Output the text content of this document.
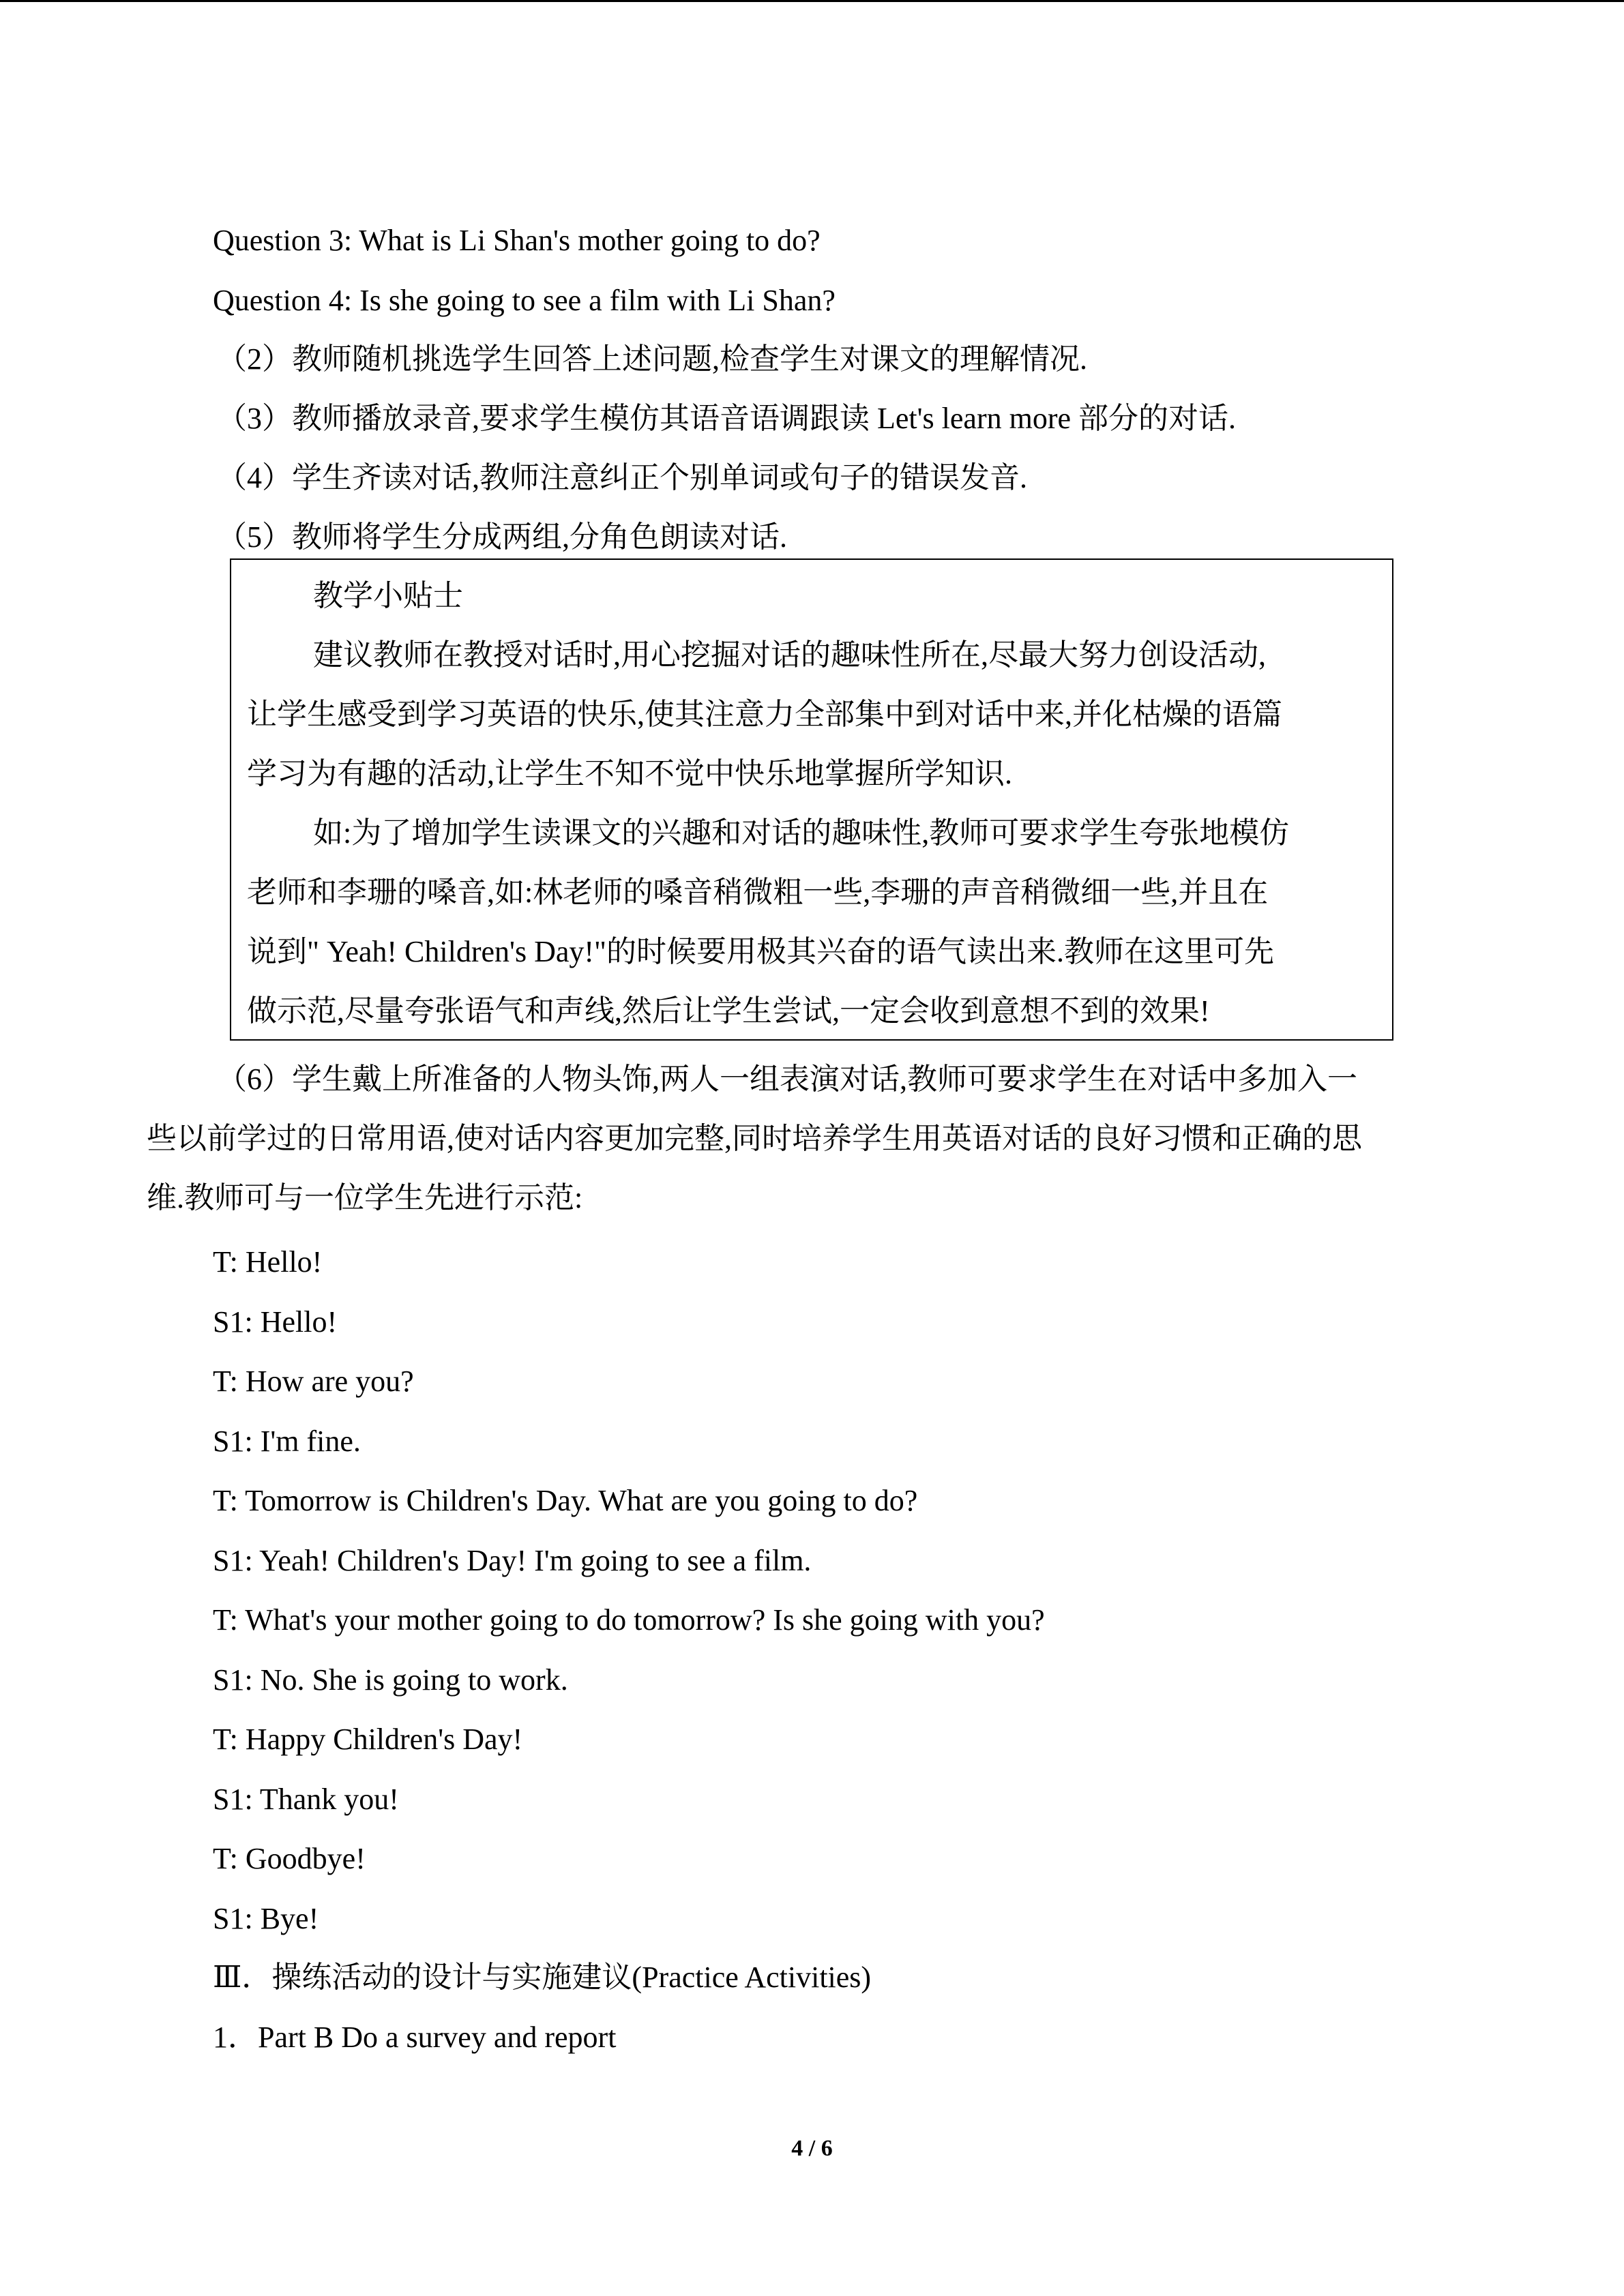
Question 3: What is Li Shan's mother going to do?
Question 4: Is she going to see a film with Li Shan?
（2）教师随机挑选学生回答上述问题,检查学生对课文的理解情况.
（3）教师播放录音,要求学生模仿其语音语调跟读 Let's learn more 部分的对话.
（4）学生齐读对话,教师注意纠正个别单词或句子的错误发音.
（5）教师将学生分成两组,分角色朗读对话.
教学小贴士
建议教师在教授对话时,用心挖掘对话的趣味性所在,尽最大努力创设活动,
让学生感受到学习英语的快乐,使其注意力全部集中到对话中来,并化枯燥的语篇
学习为有趣的活动,让学生不知不觉中快乐地掌握所学知识.
如:为了增加学生读课文的兴趣和对话的趣味性,教师可要求学生夸张地模仿
老师和李珊的嗓音,如:林老师的嗓音稍微粗一些,李珊的声音稍微细一些,并且在
说到" Yeah! Children's Day!"的时候要用极其兴奋的语气读出来.教师在这里可先
做示范,尽量夸张语气和声线,然后让学生尝试,一定会收到意想不到的效果!
（6）学生戴上所准备的人物头饰,两人一组表演对话,教师可要求学生在对话中多加入一
些以前学过的日常用语,使对话内容更加完整,同时培养学生用英语对话的良好习惯和正确的思
维.教师可与一位学生先进行示范:
T: Hello!
S1: Hello!
T: How are you?
S1: I'm fine.
T: Tomorrow is Children's Day. What are you going to do?
S1: Yeah! Children's Day! I'm going to see a film.
T: What's your mother going to do tomorrow? Is she going with you?
S1: No. She is going to work.
T: Happy Children's Day!
S1: Thank you!
T: Goodbye!
S1: Bye!
Ⅲ．操练活动的设计与实施建议(Practice Activities)
1．Part B Do a survey and report
4 / 6
